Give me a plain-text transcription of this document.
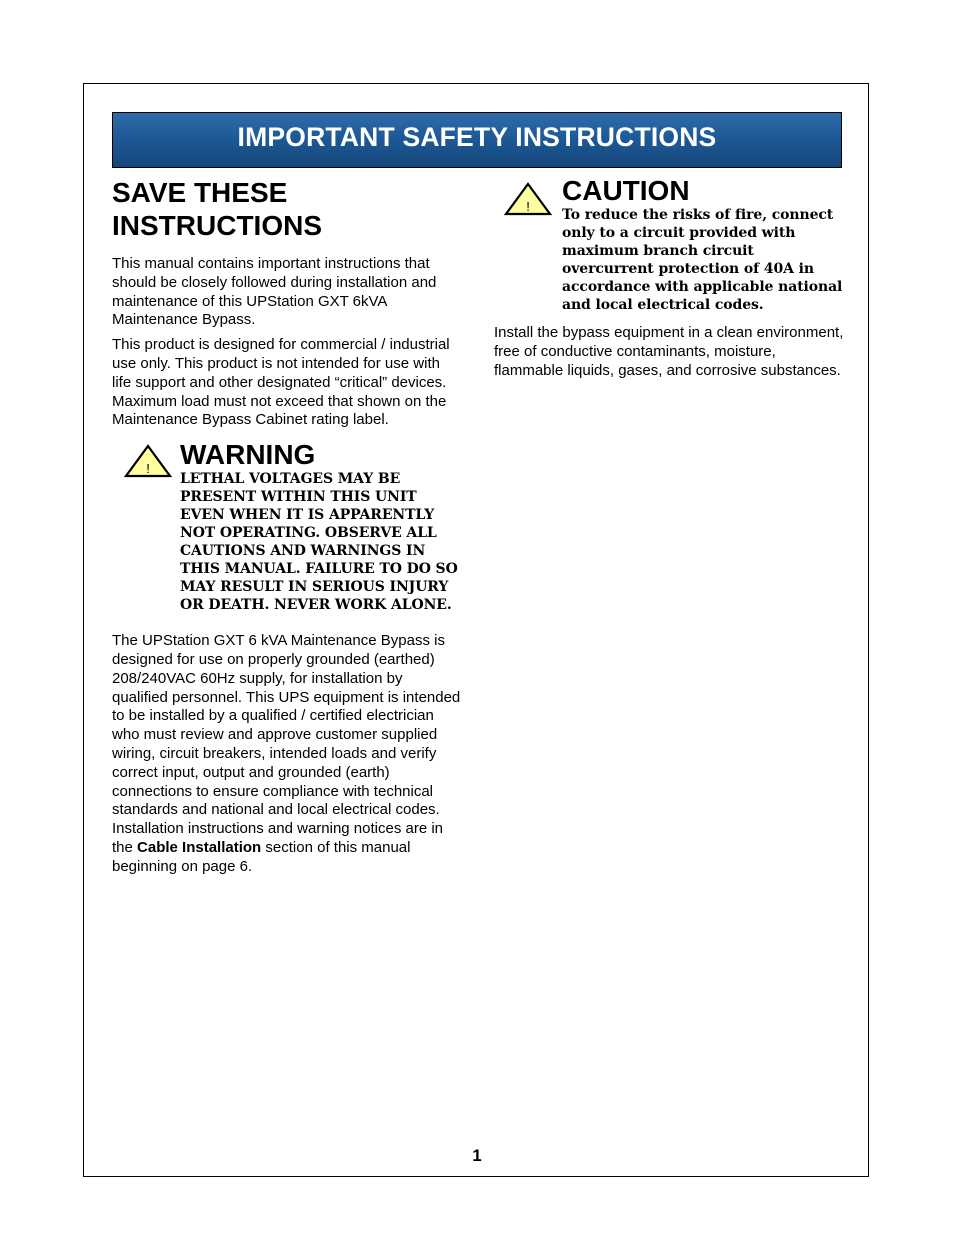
IMPORTANT SAFETY INSTRUCTIONS
SAVE THESE
INSTRUCTIONS

This manual contains important instructions that should be closely followed during installation and maintenance of this UPStation GXT 6kVA Maintenance Bypass.

This product is designed for commercial / industrial use only. This product is not intended for use with life support and other designated “critical” devices. Maximum load must not exceed that shown on the Maintenance Bypass Cabinet rating label.

! WARNING

LETHAL VOLTAGES MAY BE PRESENT WITHIN THIS UNIT EVEN WHEN IT IS APPARENTLY NOT OPERATING. OBSERVE ALL CAUTIONS AND WARNINGS IN THIS MANUAL. FAILURE TO DO SO MAY RESULT IN SERIOUS INJURY OR DEATH. NEVER WORK ALONE.

The UPStation GXT 6 kVA Maintenance Bypass is designed for use on properly grounded (earthed) 208/240VAC 60Hz supply, for installation by qualified personnel. This UPS equipment is intended to be installed by a qualified / certified electrician who must review and approve customer supplied wiring, circuit breakers, intended loads and verify correct input, output and grounded (earth) connections to ensure compliance with technical standards and national and local electrical codes. Installation instructions and warning notices are in the Cable Installation section of this manual beginning on page 6.

!

CAUTION

To reduce the risks of fire, connect only to a circuit provided with maximum branch circuit overcurrent protection of 40A in accordance with applicable national and local electrical codes.

Install the bypass equipment in a clean environment, free of conductive contaminants, moisture, flammable liquids, gases, and corrosive substances.

1
